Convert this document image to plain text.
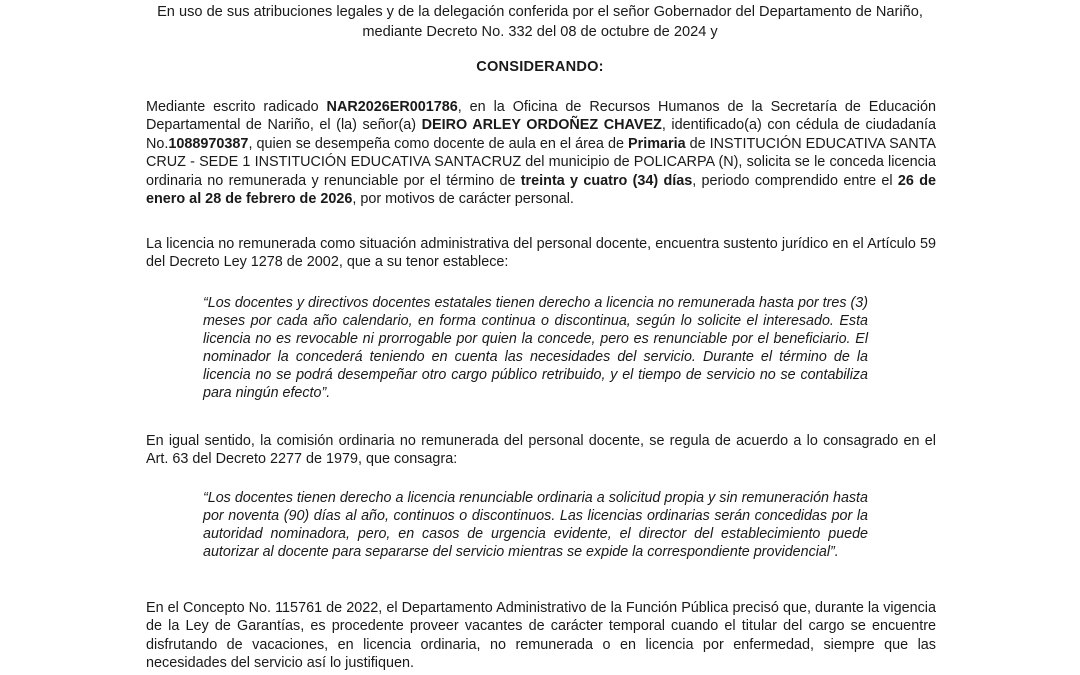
En uso de sus atribuciones legales y de la delegación conferida por el señor Gobernador del Departamento de Nariño,
mediante Decreto No. 332 del 08 de octubre de 2024 y
CONSIDERANDO:
Mediante escrito radicado NAR2026ER001786, en la Oficina de Recursos Humanos de la Secretaría de Educación Departamental de Nariño, el (la) señor(a) DEIRO ARLEY ORDOÑEZ CHAVEZ, identificado(a) con cédula de ciudadanía No.1088970387, quien se desempeña como docente de aula en el área de Primaria de INSTITUCIÓN EDUCATIVA SANTA CRUZ - SEDE 1 INSTITUCIÓN EDUCATIVA SANTACRUZ del municipio de POLICARPA (N), solicita se le conceda licencia ordinaria no remunerada y renunciable por el término de treinta y cuatro (34) días, periodo comprendido entre el 26 de enero al 28 de febrero de 2026, por motivos de carácter personal.
La licencia no remunerada como situación administrativa del personal docente, encuentra sustento jurídico en el Artículo 59 del Decreto Ley 1278 de 2002, que a su tenor establece:
“Los docentes y directivos docentes estatales tienen derecho a licencia no remunerada hasta por tres (3) meses por cada año calendario, en forma continua o discontinua, según lo solicite el interesado. Esta licencia no es revocable ni prorrogable por quien la concede, pero es renunciable por el beneficiario. El nominador la concederá teniendo en cuenta las necesidades del servicio. Durante el término de la licencia no se podrá desempeñar otro cargo público retribuido, y el tiempo de servicio no se contabiliza para ningún efecto”.
En igual sentido, la comisión ordinaria no remunerada del personal docente, se regula de acuerdo a lo consagrado en el Art. 63 del Decreto 2277 de 1979, que consagra:
“Los docentes tienen derecho a licencia renunciable ordinaria a solicitud propia y sin remuneración hasta por noventa (90) días al año, continuos o discontinuos. Las licencias ordinarias serán concedidas por la autoridad nominadora, pero, en casos de urgencia evidente, el director del establecimiento puede autorizar al docente para separarse del servicio mientras se expide la correspondiente providencial”.
En el Concepto No. 115761 de 2022, el Departamento Administrativo de la Función Pública precisó que, durante la vigencia de la Ley de Garantías, es procedente proveer vacantes de carácter temporal cuando el titular del cargo se encuentre disfrutando de vacaciones, en licencia ordinaria, no remunerada o en licencia por enfermedad, siempre que las necesidades del servicio así lo justifiquen.
